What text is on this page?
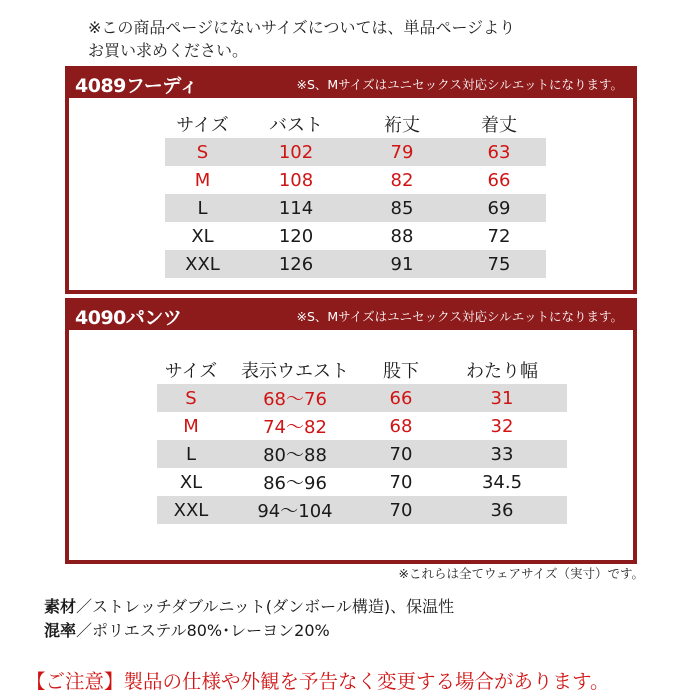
※この商品ページにないサイズについては、単品ページより
お買い求めください。
4089フーディ	※S、Mサイズはユニセックス対応シルエットになります。
サイズ	バスト	裄丈	着丈
S	102	79	63
M	108	82	66
L	114	85	69
XL	120	88	72
XXL	126	91	75
4090パンツ	※S、Mサイズはユニセックス対応シルエットになります。
サイズ	表示ウエスト	股下	わたり幅
S	68〜76	66	31
M	74〜82	68	32
L	80〜88	70	33
XL	86〜96	70	34.5
XXL	94〜104	70	36
※これらは全てウェアサイズ（実寸）です。
素材／ストレッチダブルニット(ダンボール構造)、保温性
混率／ポリエステル80%･レーヨン20%
【ご注意】製品の仕様や外観を予告なく変更する場合があります。
